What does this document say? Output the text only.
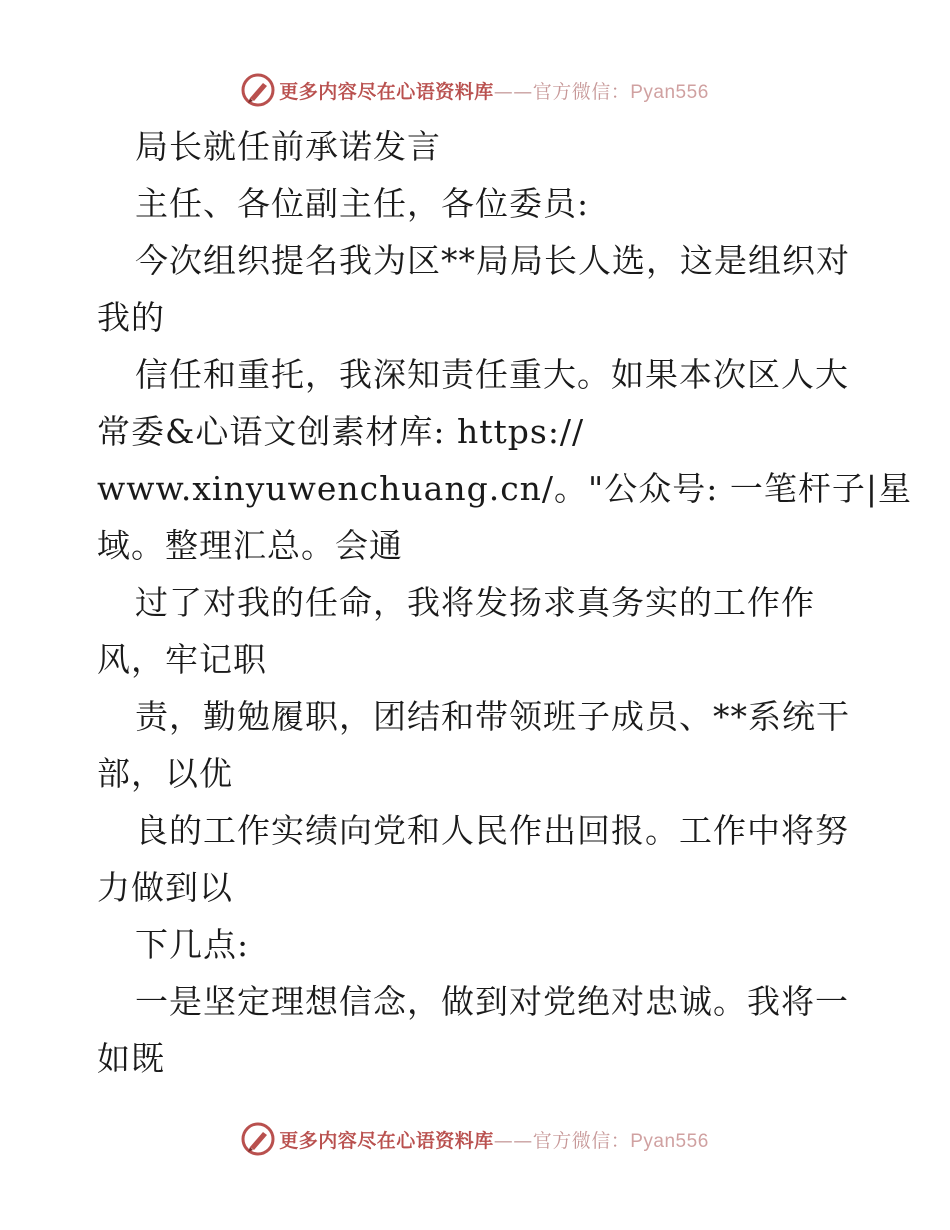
更多内容尽在心语资料库——官方微信：Pyan556
局长就任前承诺发言
主任、各位副主任，各位委员:
今次组织提名我为区**局局长人选，这是组织对
我的
信任和重托，我深知责任重大。如果本次区人大
常委&心语文创素材库: https://
www.xinyuwenchuang.cn/。"公众号: 一笔杆子|星
域。整理汇总。会通
过了对我的任命，我将发扬求真务实的工作作
风，牢记职
责，勤勉履职，团结和带领班子成员、**系统干
部，以优
良的工作实绩向党和人民作出回报。工作中将努
力做到以
下几点:
一是坚定理想信念，做到对党绝对忠诚。我将一
如既
更多内容尽在心语资料库——官方微信：Pyan556
